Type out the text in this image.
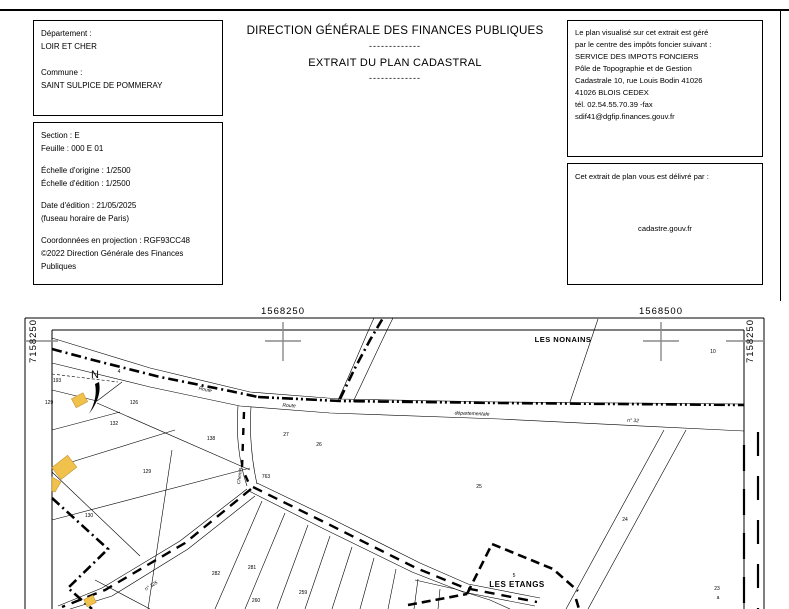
Département :
LOIR ET CHER
Commune :
SAINT SULPICE DE POMMERAY
DIRECTION GÉNÉRALE DES FINANCES PUBLIQUES
-------------
EXTRAIT DU PLAN CADASTRAL
-------------
Section : E
Feuille : 000 E 01
Échelle d'origine : 1/2500
Échelle d'édition : 1/2500
Date d'édition : 21/05/2025
(fuseau horaire de Paris)
Coordonnées en projection : RGF93CC48
©2022 Direction Générale des Finances
Publiques
Le plan visualisé sur cet extrait est géré
par le centre des impôts foncier suivant :
SERVICE DES IMPOTS FONCIERS
Pôle de Topographie et de Gestion
Cadastrale 10, rue Louis Bodin 41026
41026 BLOIS CEDEX
tél. 02.54.55.70.39 -fax
sdif41@dgfip.finances.gouv.fr
Cet extrait de plan vous est délivré par :
cadastre.gouv.fr
1568250	1568500
7158250	7158250
N
LES NONAINS
LES ETANGS
Route
Route
départementale
n° 32
Chemin
n° 325
193
129	126
132
138
27
26
25
129
130
763
282
281
259
260
24
23
a
10
4
5
